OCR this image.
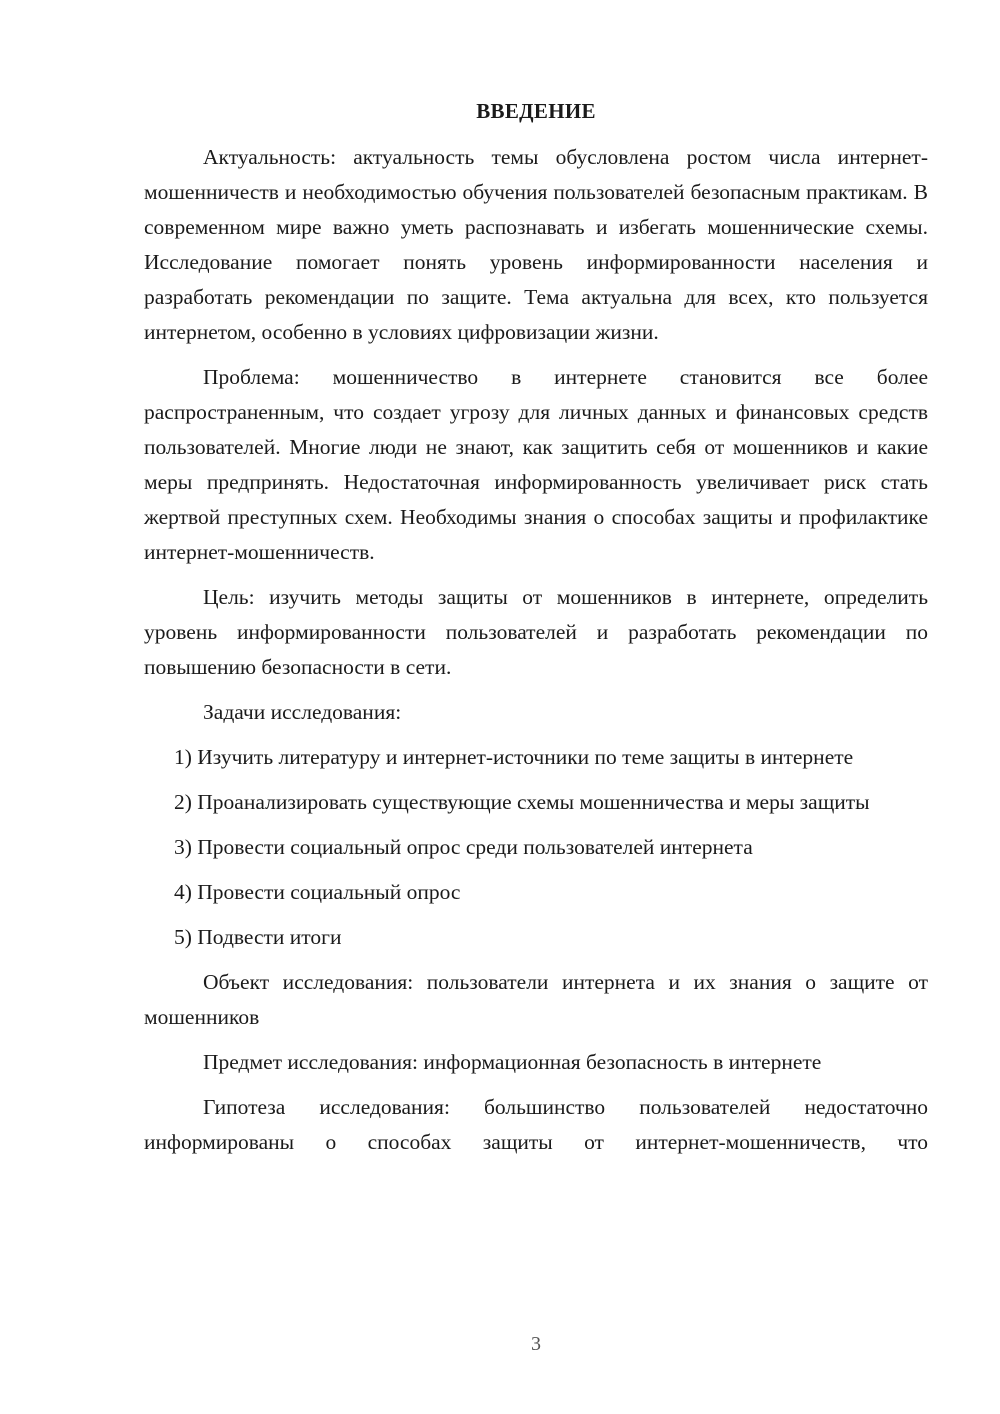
ВВЕДЕНИЕ

Актуальность: актуальность темы обусловлена ростом числа интернет-мошенничеств и необходимостью обучения пользователей безопасным практикам. В современном мире важно уметь распознавать и избегать мошеннические схемы. Исследование помогает понять уровень информированности населения и разработать рекомендации по защите. Тема актуальна для всех, кто пользуется интернетом, особенно в условиях цифровизации жизни.

Проблема: мошенничество в интернете становится все более распространенным, что создает угрозу для личных данных и финансовых средств пользователей. Многие люди не знают, как защитить себя от мошенников и какие меры предпринять. Недостаточная информированность увеличивает риск стать жертвой преступных схем. Необходимы знания о способах защиты и профилактике интернет-мошенничеств.

Цель: изучить методы защиты от мошенников в интернете, определить уровень информированности пользователей и разработать рекомендации по повышению безопасности в сети.

Задачи исследования:

1) Изучить литературу и интернет-источники по теме защиты в интернете

2) Проанализировать существующие схемы мошенничества и меры защиты

3) Провести социальный опрос среди пользователей интернета

4) Провести социальный опрос

5) Подвести итоги

Объект исследования: пользователи интернета и их знания о защите от мошенников

Предмет исследования: информационная безопасность в интернете

Гипотеза исследования: большинство пользователей недостаточно информированы о способах защиты от интернет-мошенничеств, что

3
